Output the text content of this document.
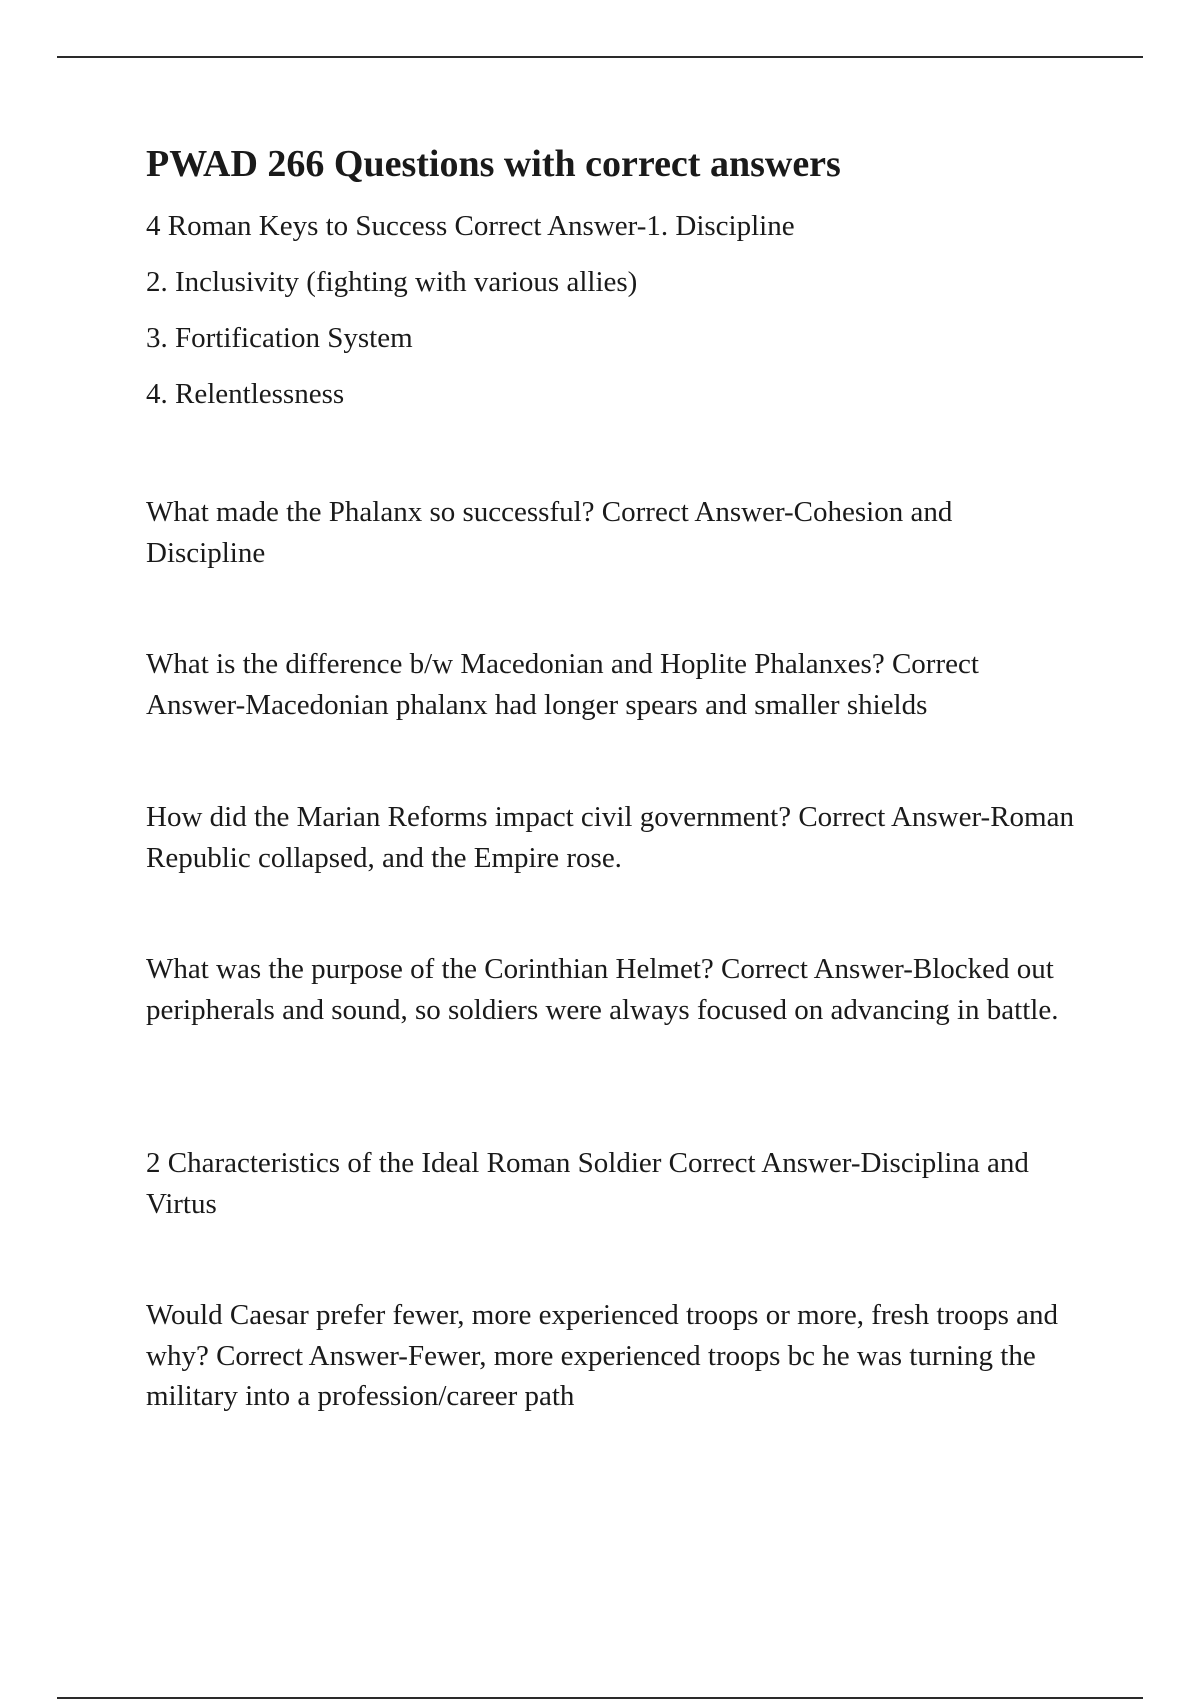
PWAD 266 Questions with correct answers

4 Roman Keys to Success Correct Answer-1. Discipline

2. Inclusivity (fighting with various allies)

3. Fortification System

4. Relentlessness

What made the Phalanx so successful? Correct Answer-Cohesion and Discipline

What is the difference b/w Macedonian and Hoplite Phalanxes? Correct Answer-Macedonian phalanx had longer spears and smaller shields

How did the Marian Reforms impact civil government? Correct Answer-Roman Republic collapsed, and the Empire rose.

What was the purpose of the Corinthian Helmet? Correct Answer-Blocked out peripherals and sound, so soldiers were always focused on advancing in battle.

2 Characteristics of the Ideal Roman Soldier Correct Answer-Disciplina and Virtus

Would Caesar prefer fewer, more experienced troops or more, fresh troops and why? Correct Answer-Fewer, more experienced troops bc he was turning the military into a profession/career path
